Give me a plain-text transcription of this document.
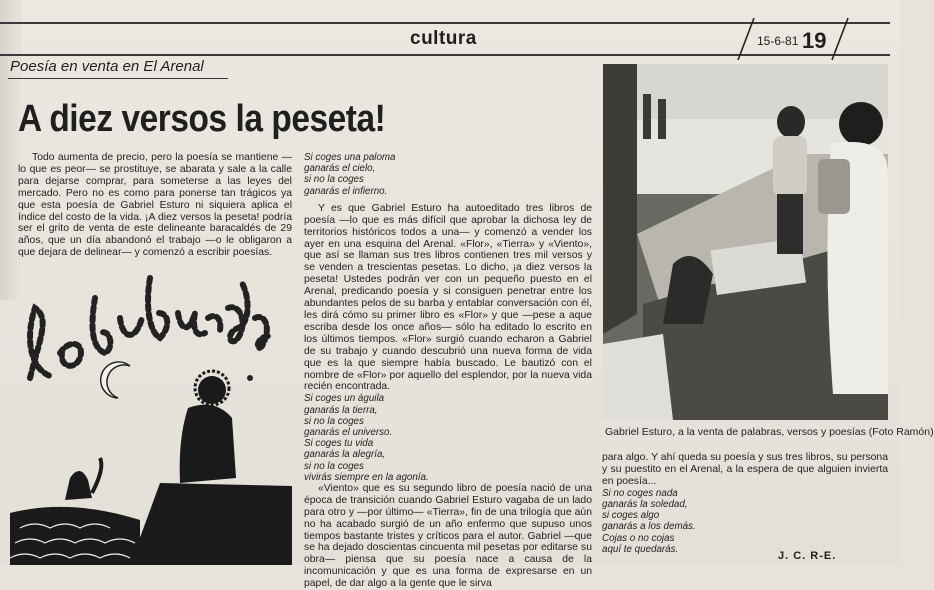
cultura	15-6-81 19
Poesía en venta en El Arenal
A diez versos la peseta!

Todo aumenta de precio, pero la poesía se mantiene —lo que es peor— se prostituye, se abarata y sale a la calle para dejarse comprar, para someterse a las leyes del mercado. Pero no es como para ponerse tan trágicos ya que esta poesía de Gabriel Esturo ni siquiera aplica el índice del costo de la vida. ¡A diez versos la peseta! podría ser el grito de venta de este delineante baracaldés de 29 años, que un día abandonó el trabajo —o le obligaron a que dejara de delinear— y comenzó a escribir poesías.

Si coges una paloma
ganarás el cielo,
si no la coges
ganarás el infierno.

Y es que Gabriel Esturo ha autoeditado tres libros de poesía —lo que es más difícil que aprobar la dichosa ley de territorios históricos todos a una— y comenzó a vender los ayer en una esquina del Arenal. «Flor», «Tierra» y «Viento», que así se llaman sus tres libros contienen tres mil versos y se venden a trescientas pesetas. Lo dicho, ¡a diez versos la peseta! Ustedes podrán ver con un pequeño puesto en el Arenal, predicando poesía y si consiguen penetrar entre los abundantes pelos de su barba y entablar conversación con él, les dirá cómo su primer libro es «Flor» y que —pese a aque escriba desde los once años— sólo ha editado lo escrito en los últimos tiempos. «Flor» surgió cuando echaron a Gabriel de su trabajo y cuando descubrió una nueva forma de vida que es la que siempre había buscado. Le bautizó con el nombre de «Flor» por aquello del esplendor, por la nueva vida recién encontrada.

Si coges un águila
ganarás la tierra,
si no la coges
ganarás el universo.
Si coges tu vida
ganarás la alegría,
si no la coges
vivirás siempre en la agonía.

«Viento» que es su segundo libro de poesía nació de una época de transición cuando Gabriel Esturo vagaba de un lado para otro y —por último— «Tierra», fin de una trilogía que aún no ha acabado surgió de un año enfermo que supuso unos tiempos bastante tristes y críticos para el autor. Gabriel —que se ha dejado doscientas cincuenta mil pesetas por editarse su obra— piensa que su poesía nace a causa de la incomunicación y que es una forma de expresarse en un papel, de dar algo a la gente que le sirva

Gabriel Esturo, a la venta de palabras, versos y poesías (Foto Ramón)

para algo. Y ahí queda su poesía y sus tres libros, su persona y su puestito en el Arenal, a la espera de que alguien invierta en poesía...

Si no coges nada
ganarás la soledad,
si coges algo
ganarás a los demás.
Cojas o no cojas
aquí te quedarás.
J. C. R-E.
